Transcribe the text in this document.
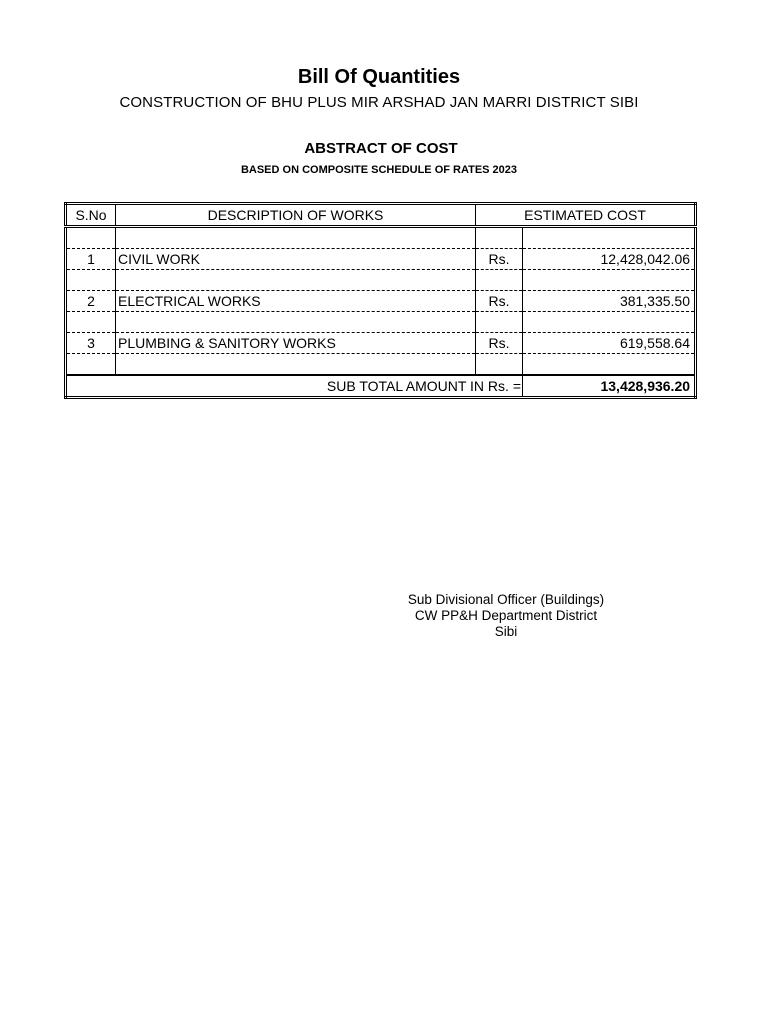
Bill Of Quantities
CONSTRUCTION OF BHU PLUS MIR ARSHAD JAN MARRI DISTRICT SIBI
ABSTRACT OF COST
BASED ON COMPOSITE SCHEDULE OF RATES 2023
S.No	DESCRIPTION OF WORKS	ESTIMATED COST	

1	CIVIL WORK	Rs.	12,428,042.06

2	ELECTRICAL WORKS	Rs.	381,335.50

3	PLUMBING & SANITORY WORKS	Rs.	619,558.64

SUB TOTAL AMOUNT IN Rs. =			13,428,936.20
Sub Divisional Officer (Buildings)
CW PP&H Department District
Sibi
